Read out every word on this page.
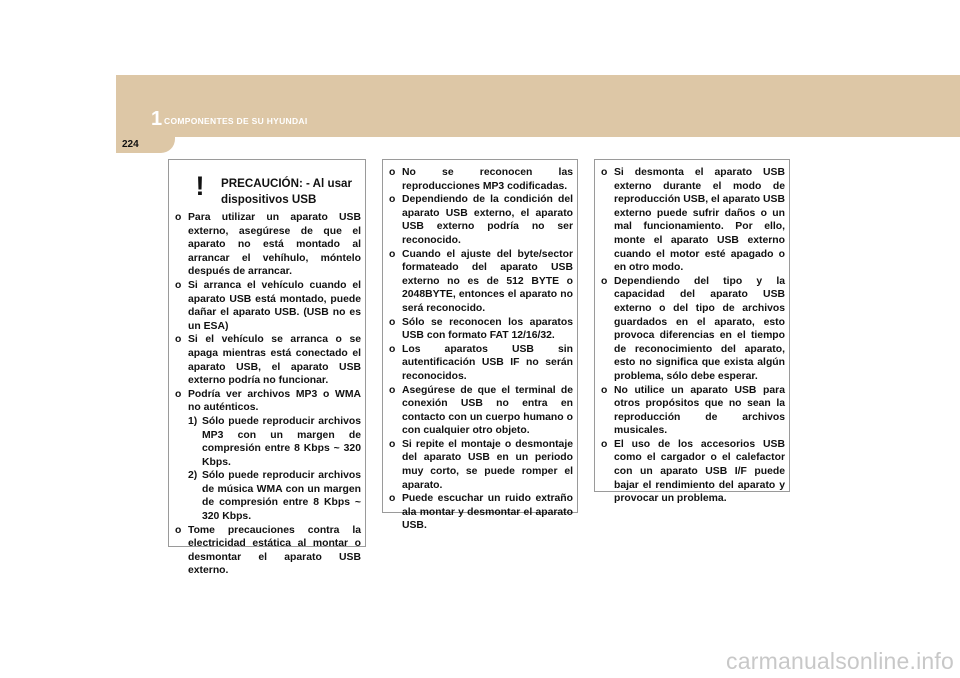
1 COMPONENTES DE SU HYUNDAI
224
! PRECAUCIÓN: - Al usar dispositivos USB
o Para utilizar un aparato USB externo, asegúrese de que el aparato no está montado al arrancar el vehíhulo, móntelo después de arrancar.
o Si arranca el vehículo cuando el aparato USB está montado, puede dañar el aparato USB. (USB no es un ESA)
o Si el vehículo se arranca o se apaga mientras está conectado el aparato USB, el aparato USB externo podría no funcionar.
o Podría ver archivos MP3 o WMA no auténticos.
1) Sólo puede reproducir archivos MP3 con un margen de compresión entre 8 Kbps ~ 320 Kbps.
2) Sólo puede reproducir archivos de música WMA con un margen de compresión entre 8 Kbps ~ 320 Kbps.
o Tome precauciones contra la electricidad estática al montar o desmontar el aparato USB externo.
o No se reconocen las reproducciones MP3 codificadas.
o Dependiendo de la condición del aparato USB externo, el aparato USB externo podría no ser reconocido.
o Cuando el ajuste del byte/sector formateado del aparato USB externo no es de 512 BYTE o 2048BYTE, entonces el aparato no será reconocido.
o Sólo se reconocen los aparatos USB con formato FAT 12/16/32.
o Los aparatos USB sin autentificación USB IF no serán reconocidos.
o Asegúrese de que el terminal de conexión USB no entra en contacto con un cuerpo humano o con cualquier otro objeto.
o Si repite el montaje o desmontaje del aparato USB en un periodo muy corto, se puede romper el aparato.
o Puede escuchar un ruido extraño ala montar y desmontar el aparato USB.
o Si desmonta el aparato USB externo durante el modo de reproducción USB, el aparato USB externo puede sufrir daños o un mal funcionamiento. Por ello, monte el aparato USB externo cuando el motor esté apagado o en otro modo.
o Dependiendo del tipo y la capacidad del aparato USB externo o del tipo de archivos guardados en el aparato, esto provoca diferencias en el tiempo de reconocimiento del aparato, esto no significa que exista algún problema, sólo debe esperar.
o No utilice un aparato USB para otros propósitos que no sean la reproducción de archivos musicales.
o El uso de los accesorios USB como el cargador o el calefactor con un aparato USB I/F puede bajar el rendimiento del aparato y provocar un problema.
carmanualsonline.info
